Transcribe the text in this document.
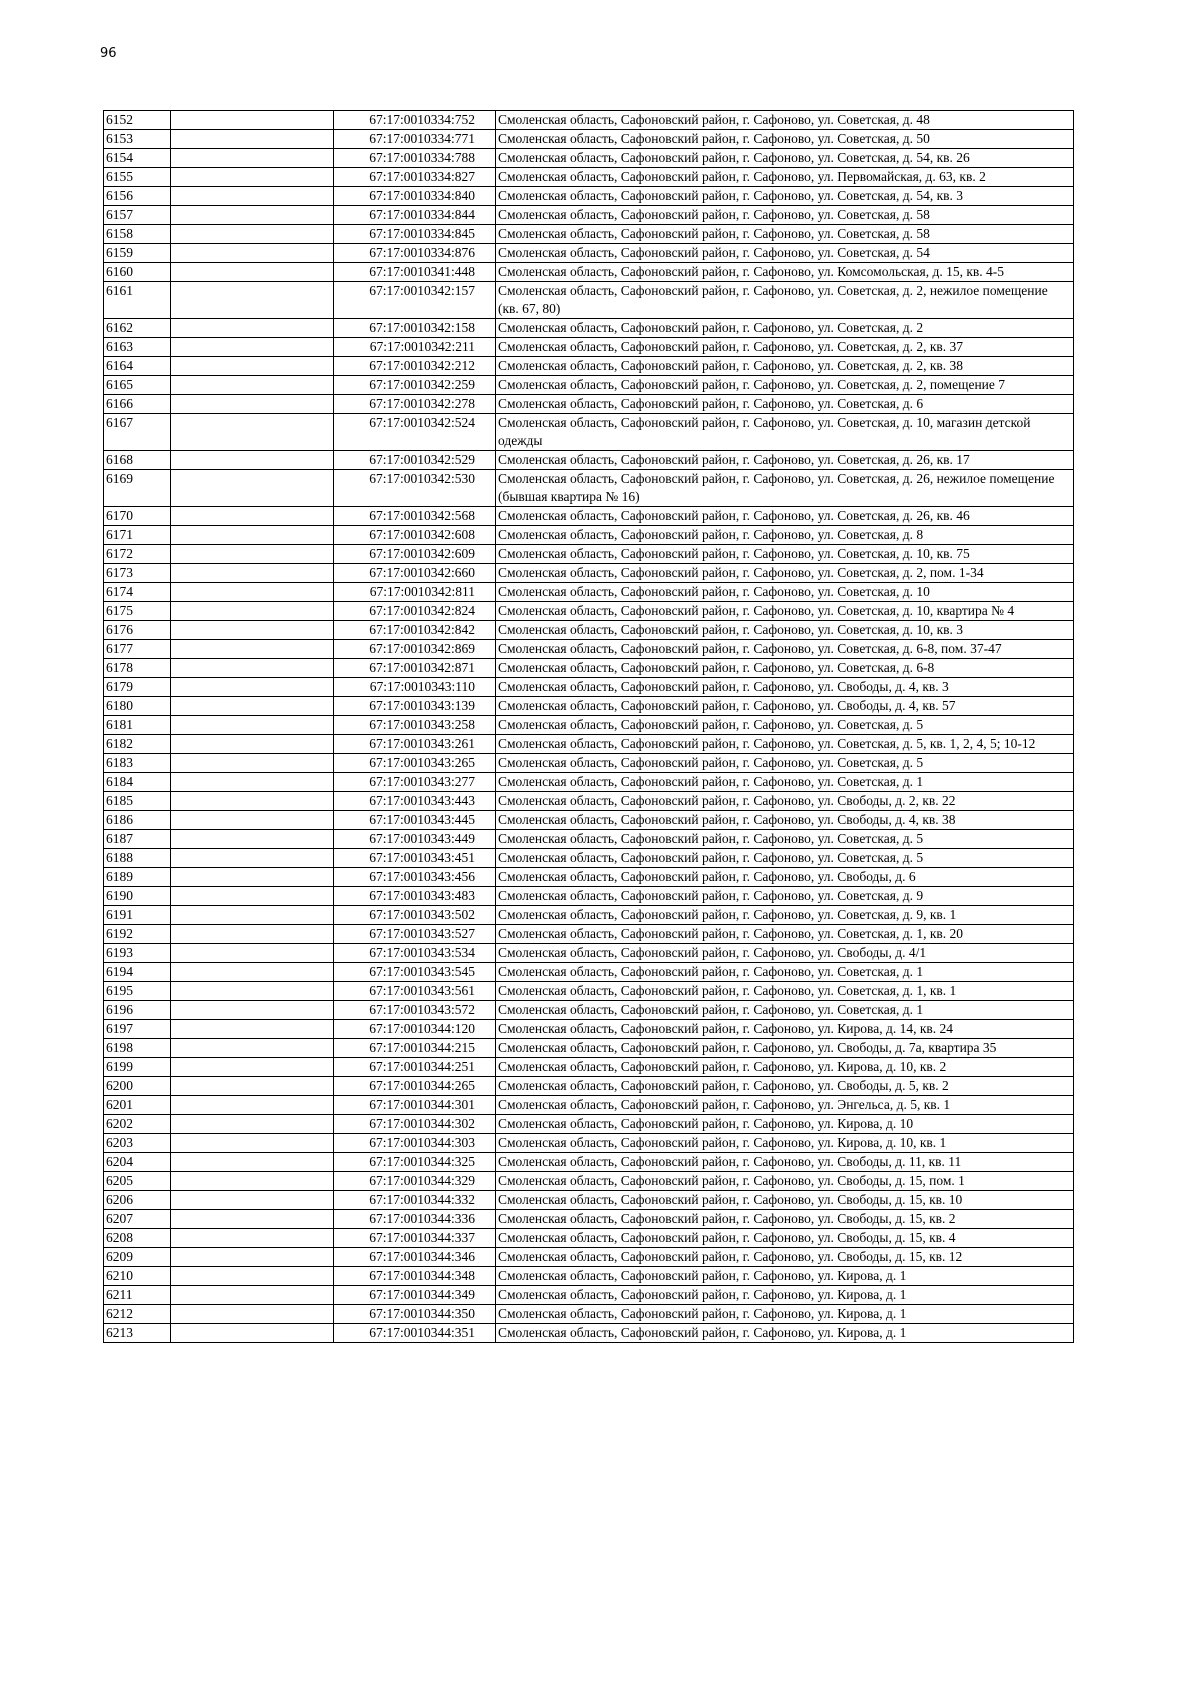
96
6152		67:17:0010334:752	Смоленская область, Сафоновский район, г. Сафоново, ул. Советская, д. 48
6153		67:17:0010334:771	Смоленская область, Сафоновский район, г. Сафоново, ул. Советская, д. 50
6154		67:17:0010334:788	Смоленская область, Сафоновский район, г. Сафоново, ул. Советская, д. 54, кв. 26
6155		67:17:0010334:827	Смоленская область, Сафоновский район, г. Сафоново, ул. Первомайская, д. 63, кв. 2
6156		67:17:0010334:840	Смоленская область, Сафоновский район, г. Сафоново, ул. Советская, д. 54, кв. 3
6157		67:17:0010334:844	Смоленская область, Сафоновский район, г. Сафоново, ул. Советская, д. 58
6158		67:17:0010334:845	Смоленская область, Сафоновский район, г. Сафоново, ул. Советская, д. 58
6159		67:17:0010334:876	Смоленская область, Сафоновский район, г. Сафоново, ул. Советская, д. 54
6160		67:17:0010341:448	Смоленская область, Сафоновский район, г. Сафоново, ул. Комсомольская, д. 15, кв. 4-5
6161		67:17:0010342:157	Смоленская область, Сафоновский район, г. Сафоново, ул. Советская, д. 2, нежилое помещение (кв. 67, 80)
6162		67:17:0010342:158	Смоленская область, Сафоновский район, г. Сафоново, ул. Советская, д. 2
6163		67:17:0010342:211	Смоленская область, Сафоновский район, г. Сафоново, ул. Советская, д. 2, кв. 37
6164		67:17:0010342:212	Смоленская область, Сафоновский район, г. Сафоново, ул. Советская, д. 2, кв. 38
6165		67:17:0010342:259	Смоленская область, Сафоновский район, г. Сафоново, ул. Советская, д. 2, помещение 7
6166		67:17:0010342:278	Смоленская область, Сафоновский район, г. Сафоново, ул. Советская, д. 6
6167		67:17:0010342:524	Смоленская область, Сафоновский район, г. Сафоново, ул. Советская, д. 10, магазин детской одежды
6168		67:17:0010342:529	Смоленская область, Сафоновский район, г. Сафоново, ул. Советская, д. 26, кв. 17
6169		67:17:0010342:530	Смоленская область, Сафоновский район, г. Сафоново, ул. Советская, д. 26, нежилое помещение (бывшая квартира № 16)
6170		67:17:0010342:568	Смоленская область, Сафоновский район, г. Сафоново, ул. Советская, д. 26, кв. 46
6171		67:17:0010342:608	Смоленская область, Сафоновский район, г. Сафоново, ул. Советская, д. 8
6172		67:17:0010342:609	Смоленская область, Сафоновский район, г. Сафоново, ул. Советская, д. 10, кв. 75
6173		67:17:0010342:660	Смоленская область, Сафоновский район, г. Сафоново, ул. Советская, д. 2, пом. 1-34
6174		67:17:0010342:811	Смоленская область, Сафоновский район, г. Сафоново, ул. Советская, д. 10
6175		67:17:0010342:824	Смоленская область, Сафоновский район, г. Сафоново, ул. Советская, д. 10, квартира № 4
6176		67:17:0010342:842	Смоленская область, Сафоновский район, г. Сафоново, ул. Советская, д. 10, кв. 3
6177		67:17:0010342:869	Смоленская область, Сафоновский район, г. Сафоново, ул. Советская, д. 6-8, пом. 37-47
6178		67:17:0010342:871	Смоленская область, Сафоновский район, г. Сафоново, ул. Советская, д. 6-8
6179		67:17:0010343:110	Смоленская область, Сафоновский район, г. Сафоново, ул. Свободы, д. 4, кв. 3
6180		67:17:0010343:139	Смоленская область, Сафоновский район, г. Сафоново, ул. Свободы, д. 4, кв. 57
6181		67:17:0010343:258	Смоленская область, Сафоновский район, г. Сафоново, ул. Советская, д. 5
6182		67:17:0010343:261	Смоленская область, Сафоновский район, г. Сафоново, ул. Советская, д. 5, кв. 1, 2, 4, 5; 10-12
6183		67:17:0010343:265	Смоленская область, Сафоновский район, г. Сафоново, ул. Советская, д. 5
6184		67:17:0010343:277	Смоленская область, Сафоновский район, г. Сафоново, ул. Советская, д. 1
6185		67:17:0010343:443	Смоленская область, Сафоновский район, г. Сафоново, ул. Свободы, д. 2, кв. 22
6186		67:17:0010343:445	Смоленская область, Сафоновский район, г. Сафоново, ул. Свободы, д. 4, кв. 38
6187		67:17:0010343:449	Смоленская область, Сафоновский район, г. Сафоново, ул. Советская, д. 5
6188		67:17:0010343:451	Смоленская область, Сафоновский район, г. Сафоново, ул. Советская, д. 5
6189		67:17:0010343:456	Смоленская область, Сафоновский район, г. Сафоново, ул. Свободы, д. 6
6190		67:17:0010343:483	Смоленская область, Сафоновский район, г. Сафоново, ул. Советская, д. 9
6191		67:17:0010343:502	Смоленская область, Сафоновский район, г. Сафоново, ул. Советская, д. 9, кв. 1
6192		67:17:0010343:527	Смоленская область, Сафоновский район, г. Сафоново, ул. Советская, д. 1, кв. 20
6193		67:17:0010343:534	Смоленская область, Сафоновский район, г. Сафоново, ул. Свободы, д. 4/1
6194		67:17:0010343:545	Смоленская область, Сафоновский район, г. Сафоново, ул. Советская, д. 1
6195		67:17:0010343:561	Смоленская область, Сафоновский район, г. Сафоново, ул. Советская, д. 1, кв. 1
6196		67:17:0010343:572	Смоленская область, Сафоновский район, г. Сафоново, ул. Советская, д. 1
6197		67:17:0010344:120	Смоленская область, Сафоновский район, г. Сафоново, ул. Кирова, д. 14, кв. 24
6198		67:17:0010344:215	Смоленская область, Сафоновский район, г. Сафоново, ул. Свободы, д. 7а, квартира 35
6199		67:17:0010344:251	Смоленская область, Сафоновский район, г. Сафоново, ул. Кирова, д. 10, кв. 2
6200		67:17:0010344:265	Смоленская область, Сафоновский район, г. Сафоново, ул. Свободы, д. 5, кв. 2
6201		67:17:0010344:301	Смоленская область, Сафоновский район, г. Сафоново, ул. Энгельса, д. 5, кв. 1
6202		67:17:0010344:302	Смоленская область, Сафоновский район, г. Сафоново, ул. Кирова, д. 10
6203		67:17:0010344:303	Смоленская область, Сафоновский район, г. Сафоново, ул. Кирова, д. 10, кв. 1
6204		67:17:0010344:325	Смоленская область, Сафоновский район, г. Сафоново, ул. Свободы, д. 11, кв. 11
6205		67:17:0010344:329	Смоленская область, Сафоновский район, г. Сафоново, ул. Свободы, д. 15, пом. 1
6206		67:17:0010344:332	Смоленская область, Сафоновский район, г. Сафоново, ул. Свободы, д. 15, кв. 10
6207		67:17:0010344:336	Смоленская область, Сафоновский район, г. Сафоново, ул. Свободы, д. 15, кв. 2
6208		67:17:0010344:337	Смоленская область, Сафоновский район, г. Сафоново, ул. Свободы, д. 15, кв. 4
6209		67:17:0010344:346	Смоленская область, Сафоновский район, г. Сафоново, ул. Свободы, д. 15, кв. 12
6210		67:17:0010344:348	Смоленская область, Сафоновский район, г. Сафоново, ул. Кирова, д. 1
6211		67:17:0010344:349	Смоленская область, Сафоновский район, г. Сафоново, ул. Кирова, д. 1
6212		67:17:0010344:350	Смоленская область, Сафоновский район, г. Сафоново, ул. Кирова, д. 1
6213		67:17:0010344:351	Смоленская область, Сафоновский район, г. Сафоново, ул. Кирова, д. 1
